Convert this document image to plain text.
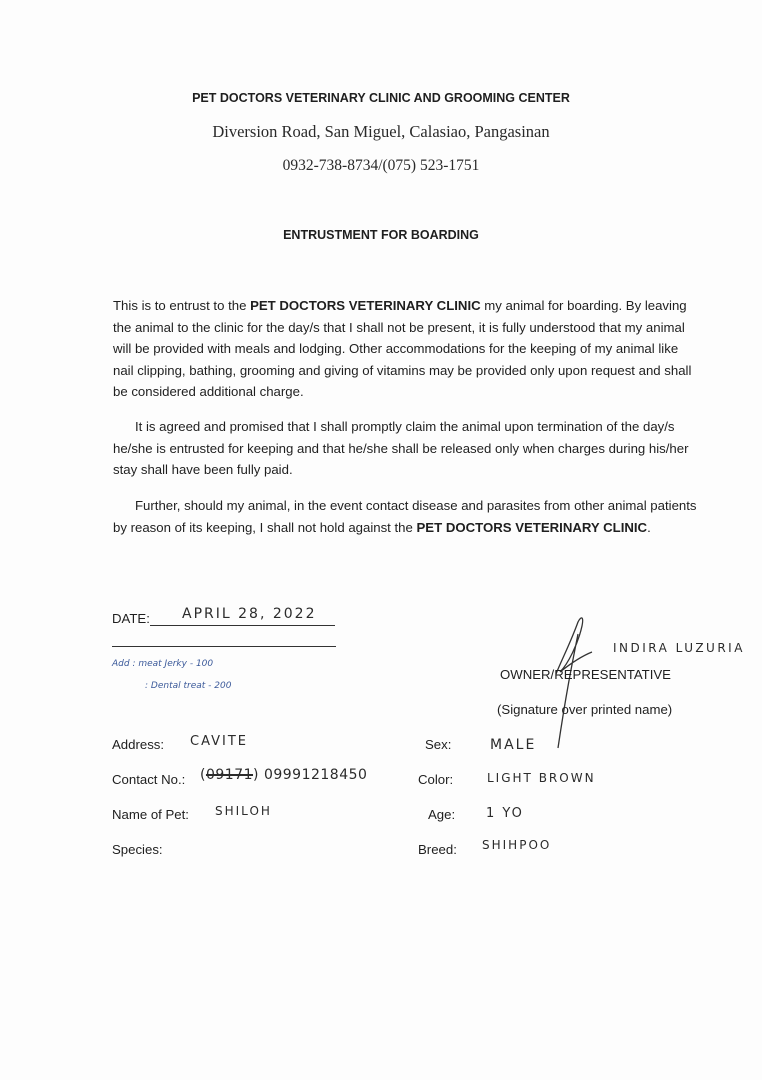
PET DOCTORS VETERINARY CLINIC AND GROOMING CENTER
Diversion Road, San Miguel, Calasiao, Pangasinan
0932-738-8734/(075) 523-1751
ENTRUSTMENT FOR BOARDING
This is to entrust to the PET DOCTORS VETERINARY CLINIC my animal for boarding. By leaving the animal to the clinic for the day/s that I shall not be present, it is fully understood that my animal will be provided with meals and lodging. Other accommodations for the keeping of my animal like nail clipping, bathing, grooming and giving of vitamins may be provided only upon request and shall be considered additional charge.
It is agreed and promised that I shall promptly claim the animal upon termination of the day/s he/she is entrusted for keeping and that he/she shall be released only when charges during his/her stay shall have been fully paid.
Further, should my animal, in the event contact disease and parasites from other animal patients by reason of its keeping, I shall not hold against the PET DOCTORS VETERINARY CLINIC.
DATE: APRIL 28, 2022
Add : meat Jerky - 100
: Dental treat - 200
INDIRA LUZURIA
OWNER/REPRESENTATIVE
(Signature over printed name)
Address: CAVITE
Contact No.: (09171) 09991218450
Name of Pet: SHILOH
Species:
Sex:	MALE
Color:	LIGHT BROWN
Age: 1 YO
Breed: SHIHPOO
